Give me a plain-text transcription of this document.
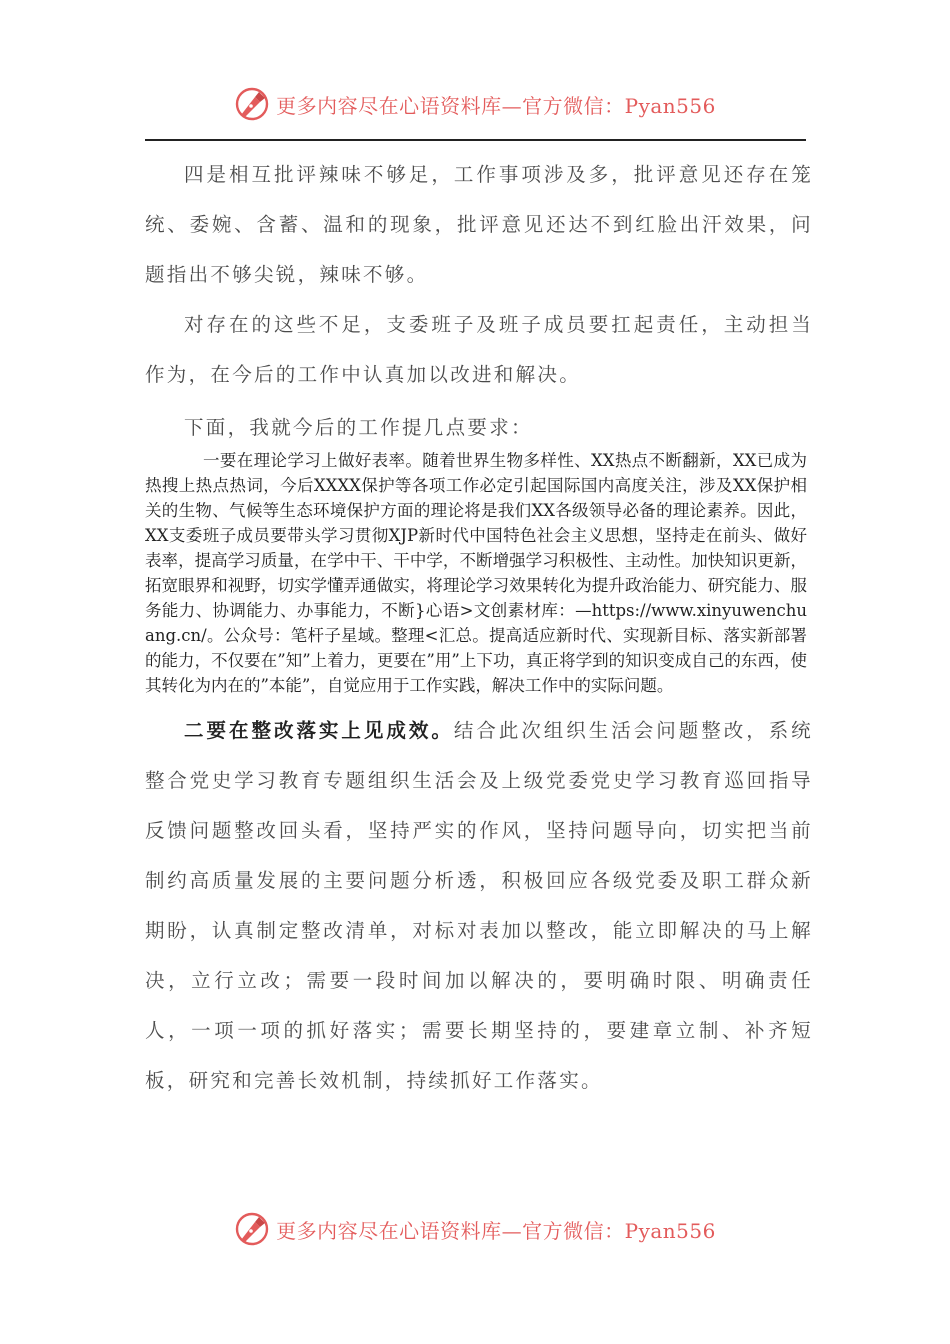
更多内容尽在心语资料库—官方微信：Pyan556

四是相互批评辣味不够足，工作事项涉及多，批评意见还存在笼统、委婉、含蓄、温和的现象，批评意见还达不到红脸出汗效果，问题指出不够尖锐，辣味不够。

对存在的这些不足，支委班子及班子成员要扛起责任，主动担当作为，在今后的工作中认真加以改进和解决。

下面，我就今后的工作提几点要求：

一要在理论学习上做好表率。随着世界生物多样性、XX热点不断翻新，XX已成为热搜上热点热词，今后XXXX保护等各项工作必定引起国际国内高度关注，涉及XX保护相关的生物、气候等生态环境保护方面的理论将是我们XX各级领导必备的理论素养。因此，XX支委班子成员要带头学习贯彻XJP新时代中国特色社会主义思想，坚持走在前头、做好表率，提高学习质量，在学中干、干中学，不断增强学习积极性、主动性。加快知识更新，拓宽眼界和视野，切实学懂弄通做实，将理论学习效果转化为提升政治能力、研究能力、服务能力、协调能力、办事能力，不断}心语>文创素材库：—https://www.xinyuwenchuang.cn/。公众号：笔杆子星域。整理<汇总。提高适应新时代、实现新目标、落实新部署的能力，不仅要在”知”上着力，更要在”用”上下功，真正将学到的知识变成自己的东西，使其转化为内在的”本能”，自觉应用于工作实践，解决工作中的实际问题。

二要在整改落实上见成效。结合此次组织生活会问题整改，系统整合党史学习教育专题组织生活会及上级党委党史学习教育巡回指导反馈问题整改回头看，坚持严实的作风，坚持问题导向，切实把当前制约高质量发展的主要问题分析透，积极回应各级党委及职工群众新期盼，认真制定整改清单，对标对表加以整改，能立即解决的马上解决，立行立改；需要一段时间加以解决的，要明确时限、明确责任人，一项一项的抓好落实；需要长期坚持的，要建章立制、补齐短板，研究和完善长效机制，持续抓好工作落实。

更多内容尽在心语资料库—官方微信：Pyan556
